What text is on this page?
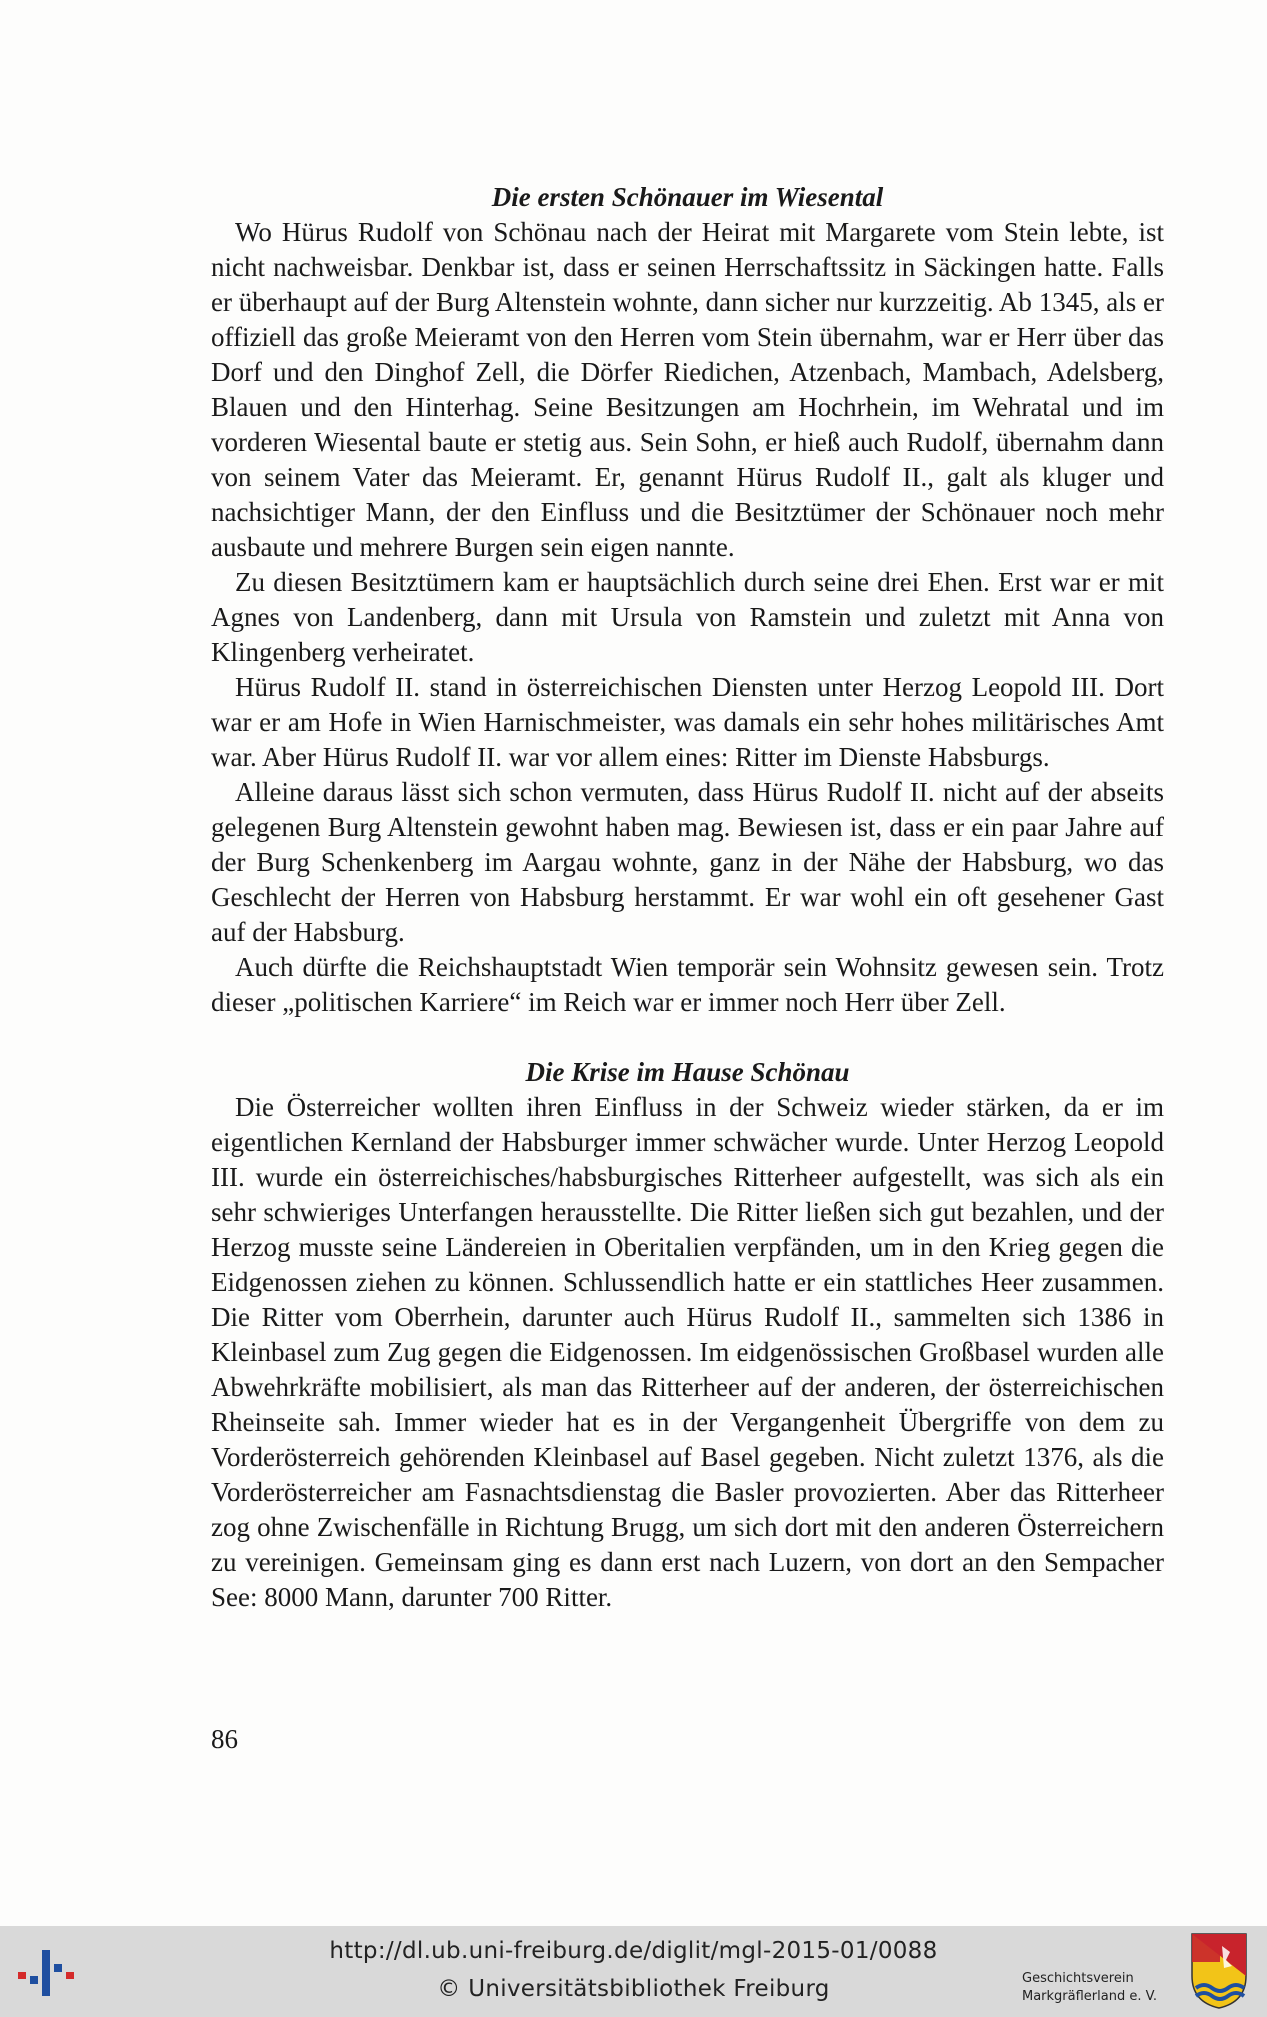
Die ersten Schönauer im Wiesental

Wo Hürus Rudolf von Schönau nach der Heirat mit Margarete vom Stein lebte, ist nicht nachweisbar. Denkbar ist, dass er seinen Herrschaftssitz in Säckingen hatte. Falls er überhaupt auf der Burg Altenstein wohnte, dann sicher nur kurzzeitig. Ab 1345, als er offiziell das große Meieramt von den Herren vom Stein übernahm, war er Herr über das Dorf und den Dinghof Zell, die Dörfer Riedichen, Atzenbach, Mambach, Adelsberg, Blauen und den Hinterhag. Seine Besitzungen am Hochrhein, im Wehratal und im vorderen Wiesental baute er stetig aus. Sein Sohn, er hieß auch Rudolf, übernahm dann von seinem Vater das Meieramt. Er, genannt Hürus Rudolf II., galt als kluger und nachsichtiger Mann, der den Einfluss und die Besitztümer der Schönauer noch mehr ausbaute und mehrere Burgen sein eigen nannte.

Zu diesen Besitztümern kam er hauptsächlich durch seine drei Ehen. Erst war er mit Agnes von Landenberg, dann mit Ursula von Ramstein und zuletzt mit Anna von Klingenberg verheiratet.

Hürus Rudolf II. stand in österreichischen Diensten unter Herzog Leopold III. Dort war er am Hofe in Wien Harnischmeister, was damals ein sehr hohes militärisches Amt war. Aber Hürus Rudolf II. war vor allem eines: Ritter im Dienste Habsburgs.

Alleine daraus lässt sich schon vermuten, dass Hürus Rudolf II. nicht auf der abseits gelegenen Burg Altenstein gewohnt haben mag. Bewiesen ist, dass er ein paar Jahre auf der Burg Schenkenberg im Aargau wohnte, ganz in der Nähe der Habsburg, wo das Geschlecht der Herren von Habsburg herstammt. Er war wohl ein oft gesehener Gast auf der Habsburg.

Auch dürfte die Reichshauptstadt Wien temporär sein Wohnsitz gewesen sein. Trotz dieser „politischen Karriere“ im Reich war er immer noch Herr über Zell.

Die Krise im Hause Schönau

Die Österreicher wollten ihren Einfluss in der Schweiz wieder stärken, da er im eigentlichen Kernland der Habsburger immer schwächer wurde. Unter Herzog Leopold III. wurde ein österreichisches/habsburgisches Ritterheer aufgestellt, was sich als ein sehr schwieriges Unterfangen herausstellte. Die Ritter ließen sich gut bezahlen, und der Herzog musste seine Ländereien in Oberitalien verpfänden, um in den Krieg gegen die Eidgenossen ziehen zu können. Schlussendlich hatte er ein stattliches Heer zusammen. Die Ritter vom Oberrhein, darunter auch Hürus Rudolf II., sammelten sich 1386 in Kleinbasel zum Zug gegen die Eidgenossen. Im eidgenössischen Großbasel wurden alle Abwehrkräfte mobilisiert, als man das Ritterheer auf der anderen, der österreichischen Rheinseite sah. Immer wieder hat es in der Vergangenheit Übergriffe von dem zu Vorderösterreich gehörenden Kleinbasel auf Basel gegeben. Nicht zuletzt 1376, als die Vorderösterreicher am Fasnachtsdienstag die Basler provozierten. Aber das Ritterheer zog ohne Zwischenfälle in Richtung Brugg, um sich dort mit den anderen Österreichern zu vereinigen. Gemeinsam ging es dann erst nach Luzern, von dort an den Sempacher See: 8000 Mann, darunter 700 Ritter.

86
http://dl.ub.uni-freiburg.de/diglit/mgl-2015-01/0088
© Universitätsbibliothek Freiburg	Geschichtsverein
Markgräflerland e. V.
